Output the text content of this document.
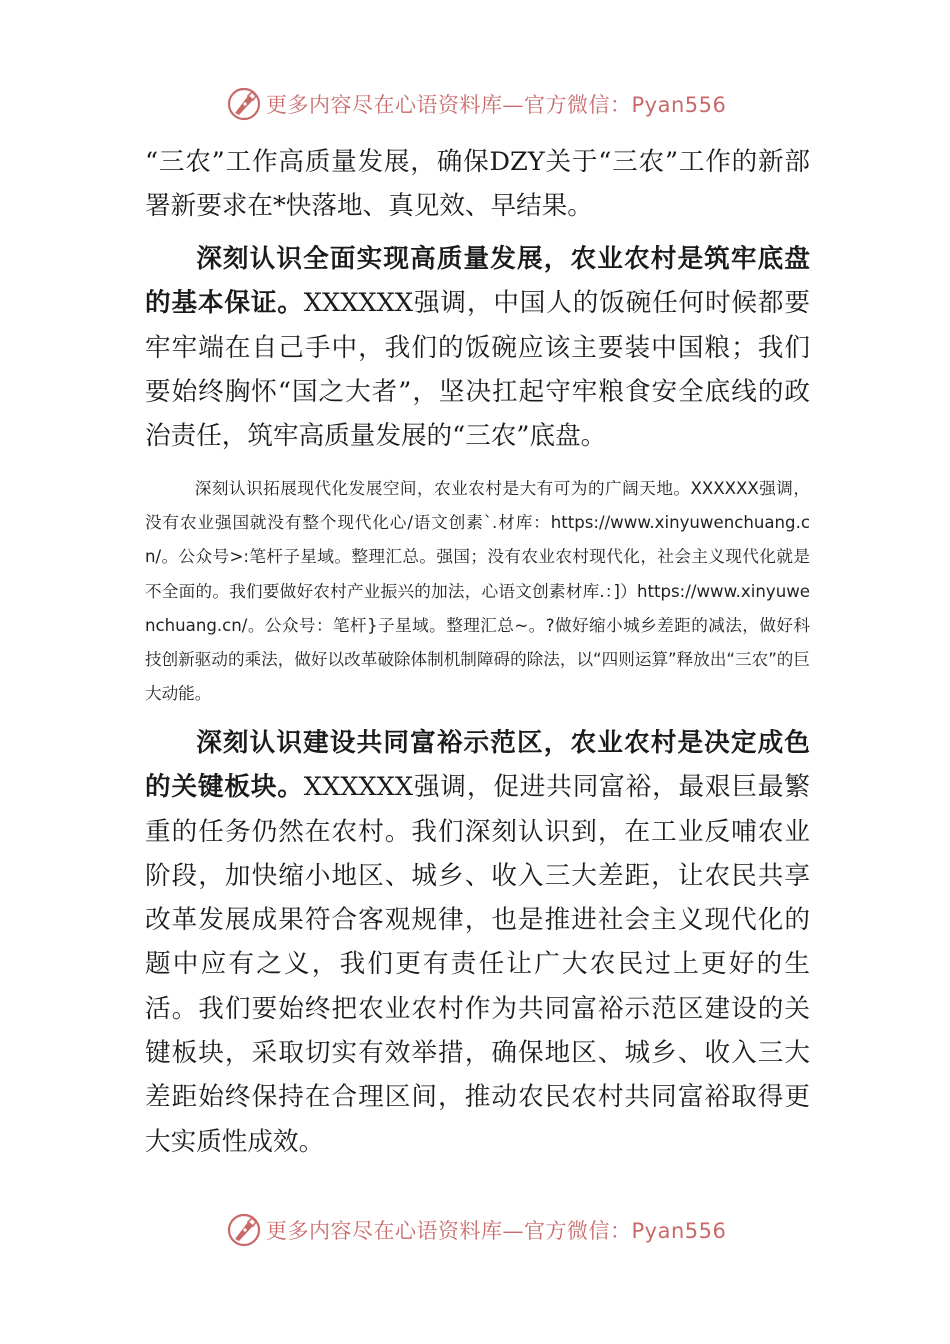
更多内容尽在心语资料库—官方微信：Pyan556

“三农”工作高质量发展，确保DZY关于“三农”工作的新部署新要求在*快落地、真见效、早结果。

深刻认识全面实现高质量发展，农业农村是筑牢底盘的基本保证。XXXXXX强调，中国人的饭碗任何时候都要牢牢端在自己手中，我们的饭碗应该主要装中国粮；我们要始终胸怀“国之大者”，坚决扛起守牢粮食安全底线的政治责任，筑牢高质量发展的“三农”底盘。

深刻认识拓展现代化发展空间，农业农村是大有可为的广阔天地。XXXXXX强调，没有农业强国就没有整个现代化心/语文创素`.材库：https://www.xinyuwenchuang.cn/。公众号>:笔杆子星域。整理汇总。强国；没有农业农村现代化，社会主义现代化就是不全面的。我们要做好农村产业振兴的加法，心语文创素材库.：]）https://www.xinyuwenchuang.cn/。公众号：笔杆}子星域。整理汇总~。?做好缩小城乡差距的减法，做好科技创新驱动的乘法，做好以改革破除体制机制障碍的除法，以“四则运算”释放出“三农”的巨大动能。

深刻认识建设共同富裕示范区，农业农村是决定成色的关键板块。XXXXXX强调，促进共同富裕，最艰巨最繁重的任务仍然在农村。我们深刻认识到，在工业反哺农业阶段，加快缩小地区、城乡、收入三大差距，让农民共享改革发展成果符合客观规律，也是推进社会主义现代化的题中应有之义，我们更有责任让广大农民过上更好的生活。我们要始终把农业农村作为共同富裕示范区建设的关键板块，采取切实有效举措，确保地区、城乡、收入三大差距始终保持在合理区间，推动农民农村共同富裕取得更大实质性成效。

更多内容尽在心语资料库—官方微信：Pyan556
